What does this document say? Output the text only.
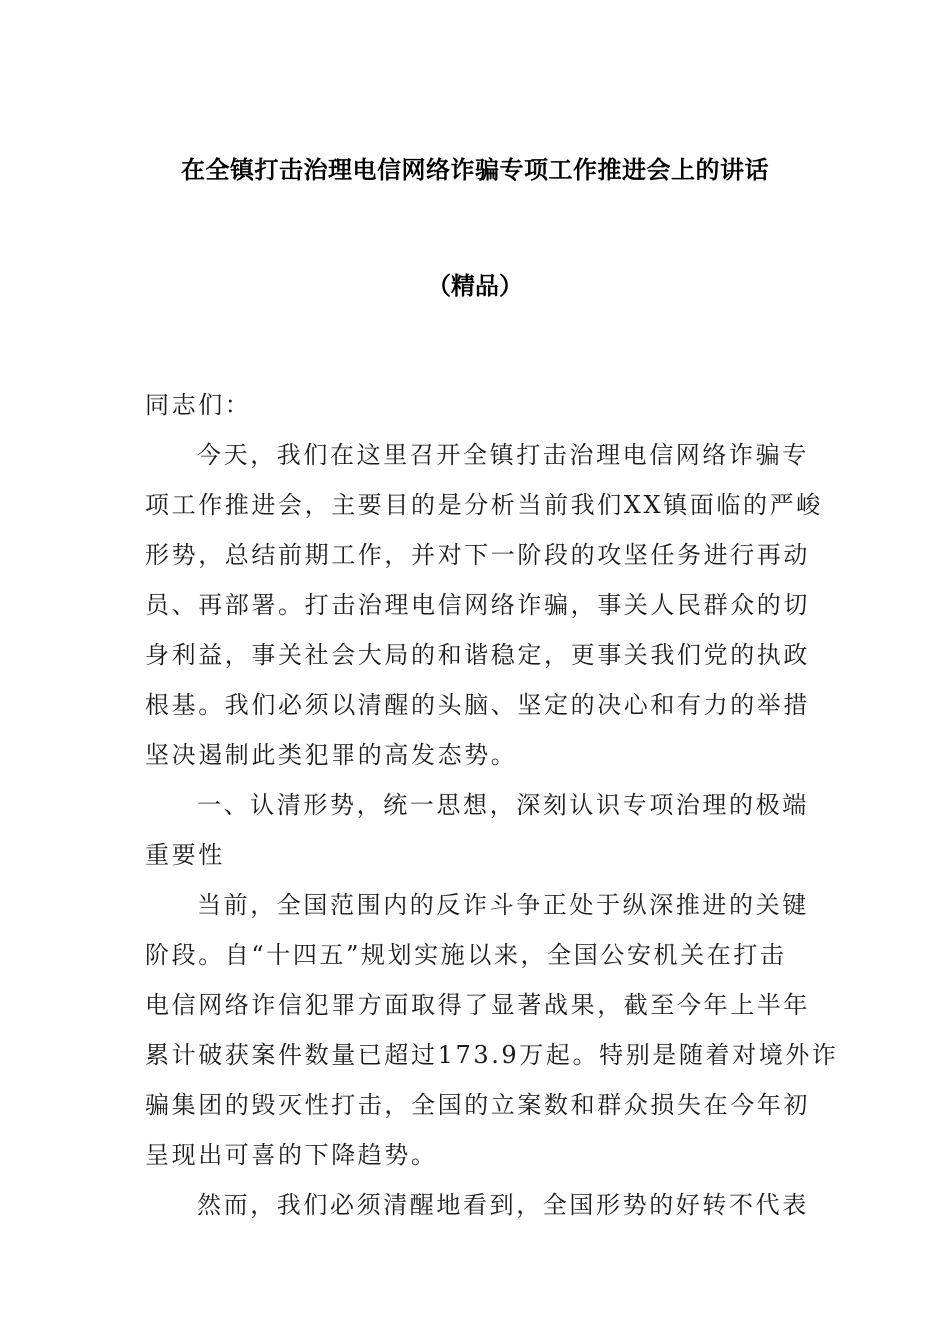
在全镇打击治理电信网络诈骗专项工作推进会上的讲话
（精品）
同志们：
今天，我们在这里召开全镇打击治理电信网络诈骗专
项工作推进会，主要目的是分析当前我们XX镇面临的严峻
形势，总结前期工作，并对下一阶段的攻坚任务进行再动
员、再部署。打击治理电信网络诈骗，事关人民群众的切
身利益，事关社会大局的和谐稳定，更事关我们党的执政
根基。我们必须以清醒的头脑、坚定的决心和有力的举措
坚决遏制此类犯罪的高发态势。
一、认清形势，统一思想，深刻认识专项治理的极端
重要性
当前，全国范围内的反诈斗争正处于纵深推进的关键
阶段。自“十四五”规划实施以来，全国公安机关在打击
电信网络诈信犯罪方面取得了显著战果，截至今年上半年
累计破获案件数量已超过173.9万起。特别是随着对境外诈
骗集团的毁灭性打击，全国的立案数和群众损失在今年初
呈现出可喜的下降趋势。
然而，我们必须清醒地看到，全国形势的好转不代表
